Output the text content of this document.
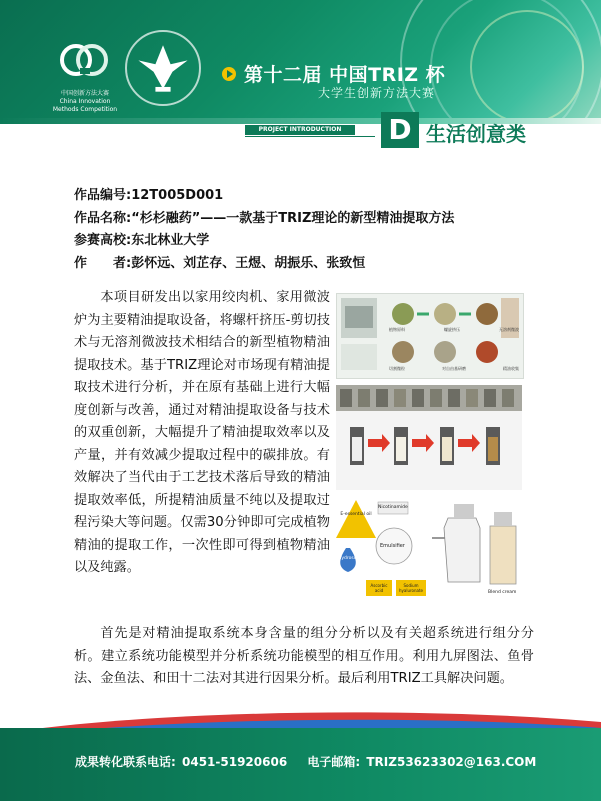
中国创新方法大赛
China Innovation Methods Competition
第十二届 中国TRIZ 杯
大学生创新方法大赛
PROJECT INTRODUCTION	D 生活创意类
作品编号:12T005D001
作品名称:“杉杉融药”——一款基于TRIZ理论的新型精油提取方法
参赛高校:东北林业大学
作　　者:彭怀远、刘芷存、王煜、胡振乐、张致恒
本项目研发出以家用绞肉机、家用微波炉为主要精油提取设备，将螺杆挤压-剪切技术与无溶剂微波技术相结合的新型植物精油提取技术。基于TRIZ理论对市场现有精油提取技术进行分析，并在原有基础上进行大幅度创新与改善，通过对精油提取设备与技术的双重创新，大幅提升了精油提取效率以及产量，并有效减少提取过程中的碳排放。有效解决了当代由于工艺技术落后导致的精油提取效率低，所提精油质量不纯以及提取过程污染大等问题。仅需30分钟即可完成植物精油的提取工作，一次性即可得到植物精油以及纯露。

植物原料	螺旋挤压	无溶剂微波
切割微粒	对自由基研磨	精油收集
E-essential oil
Nicotinamide
Emulsifier
Hydrosol
Ascorbic acid
Sodium hyaluronate	Blend cream
首先是对精油提取系统本身含量的组分分析以及有关超系统进行组分分析。建立系统功能模型并分析系统功能模型的相互作用。利用九屏图法、鱼骨法、金鱼法、和田十二法对其进行因果分析。最后利用TRIZ工具解决问题。
成果转化联系电话: 0451-51920606 电子邮箱: TRIZ53623302@163.COM
